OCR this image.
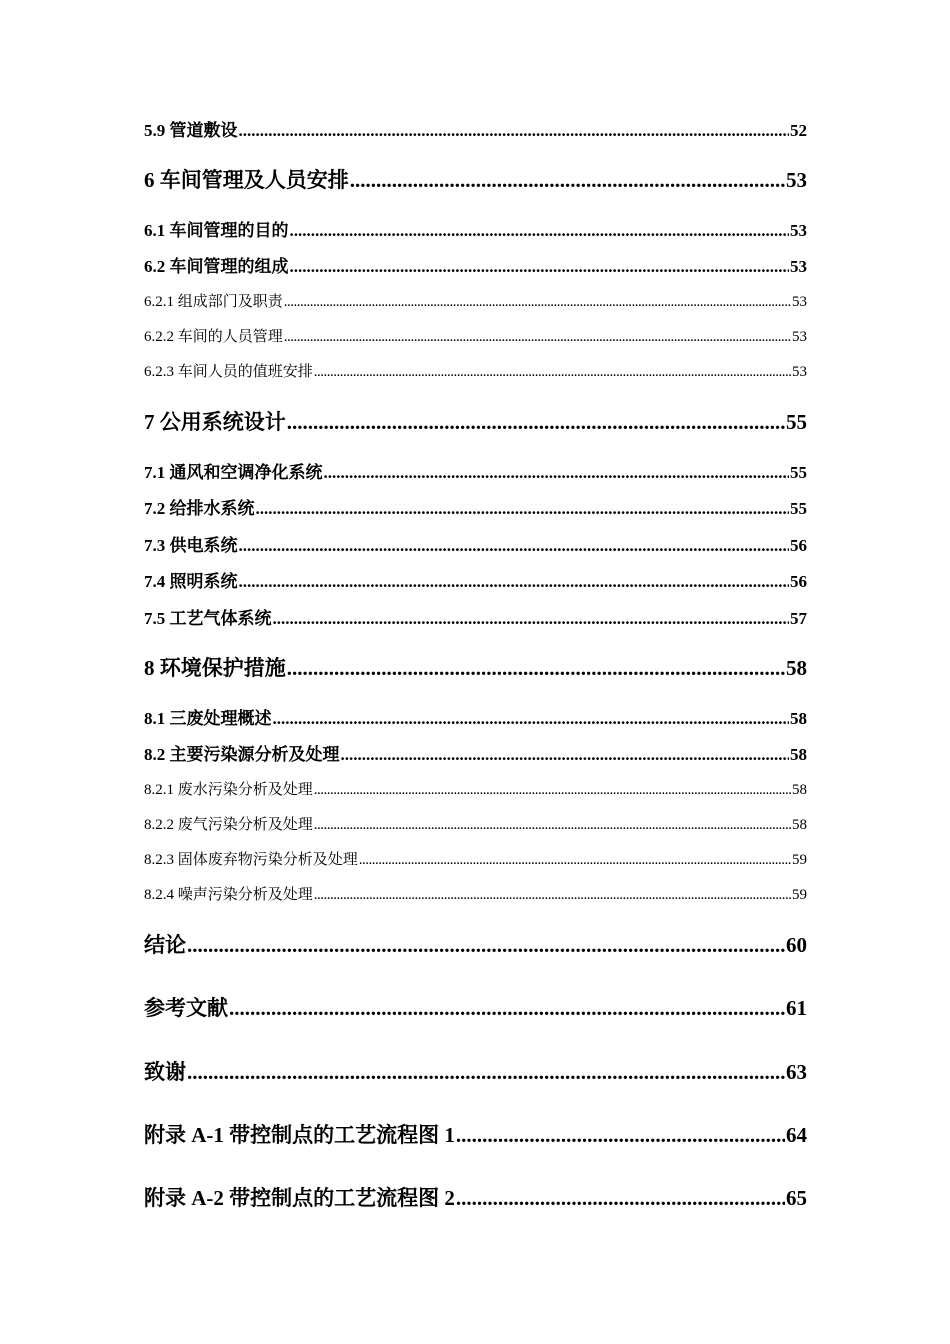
5.9 管道敷设 .....	52
6 车间管理及人员安排 .....	53
6.1 车间管理的目的 .....	53
6.2 车间管理的组成 .....	53
6.2.1 组成部门及职责 .....	53
6.2.2 车间的人员管理 .....	53
6.2.3 车间人员的值班安排 .....	53
7 公用系统设计 .....	55
7.1 通风和空调净化系统 .....	55
7.2 给排水系统 .....	55
7.3 供电系统 .....	56
7.4 照明系统 .....	56
7.5 工艺气体系统 .....	57
8 环境保护措施 .....	58
8.1 三废处理概述 .....	58
8.2 主要污染源分析及处理 .....	58
8.2.1 废水污染分析及处理 .....	58
8.2.2 废气污染分析及处理 .....	58
8.2.3 固体废弃物污染分析及处理 .....	59
8.2.4 噪声污染分析及处理 .....	59
结论 .....	60
参考文献 .....	61
致谢 .....	63
附录 A-1 带控制点的工艺流程图 1 .....	64
附录 A-2 带控制点的工艺流程图 2 .....	65
